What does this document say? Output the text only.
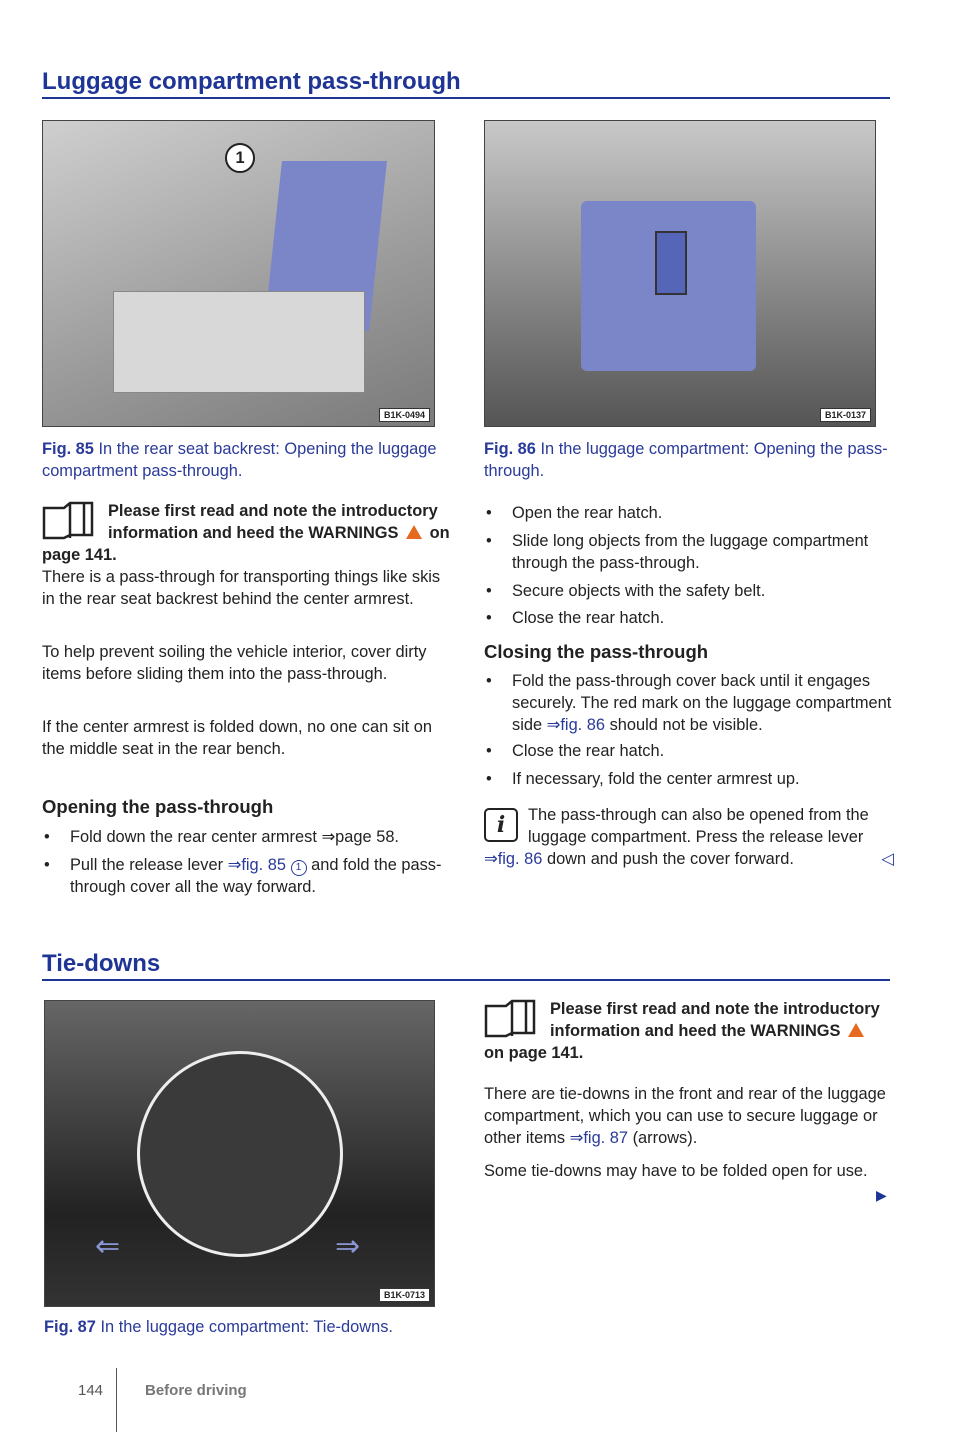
Luggage compartment pass-through
1
B1K-0494
Fig. 85 In the rear seat backrest: Opening the luggage compartment pass-through.
Please first read and note the introductory information and heed the WARNINGS on page 141.

There is a pass-through for transporting things like skis in the rear seat backrest behind the center armrest.

To help prevent soiling the vehicle interior, cover dirty items before sliding them into the pass-through.

If the center armrest is folded down, no one can sit on the middle seat in the rear bench.

Opening the pass-through

• Fold down the rear center armrest ⇒page 58.

• Pull the release lever ⇒fig. 85 1 and fold the pass-through cover all the way forward.

B1K-0137
Fig. 86 In the luggage compartment: Opening the pass-through.

• Open the rear hatch.

• Slide long objects from the luggage compartment through the pass-through.

• Secure objects with the safety belt.

• Close the rear hatch.

Closing the pass-through

• Fold the pass-through cover back until it engages securely. The red mark on the luggage compartment side ⇒fig. 86 should not be visible.

• Close the rear hatch.

• If necessary, fold the center armrest up.

i	The pass-through can also be opened from the luggage compartment. Press the release lever ⇒fig. 86 down and push the cover forward.	◁

Tie-downs
⇐	⇒
B1K-0713
Fig. 87 In the luggage compartment: Tie-downs.
Please first read and note the introductory information and heed the WARNINGS  on page 141.

There are tie-downs in the front and rear of the luggage compartment, which you can use to secure luggage or other items ⇒fig. 87 (arrows).

Some tie-downs may have to be folded open for use.

▶
144	Before driving
